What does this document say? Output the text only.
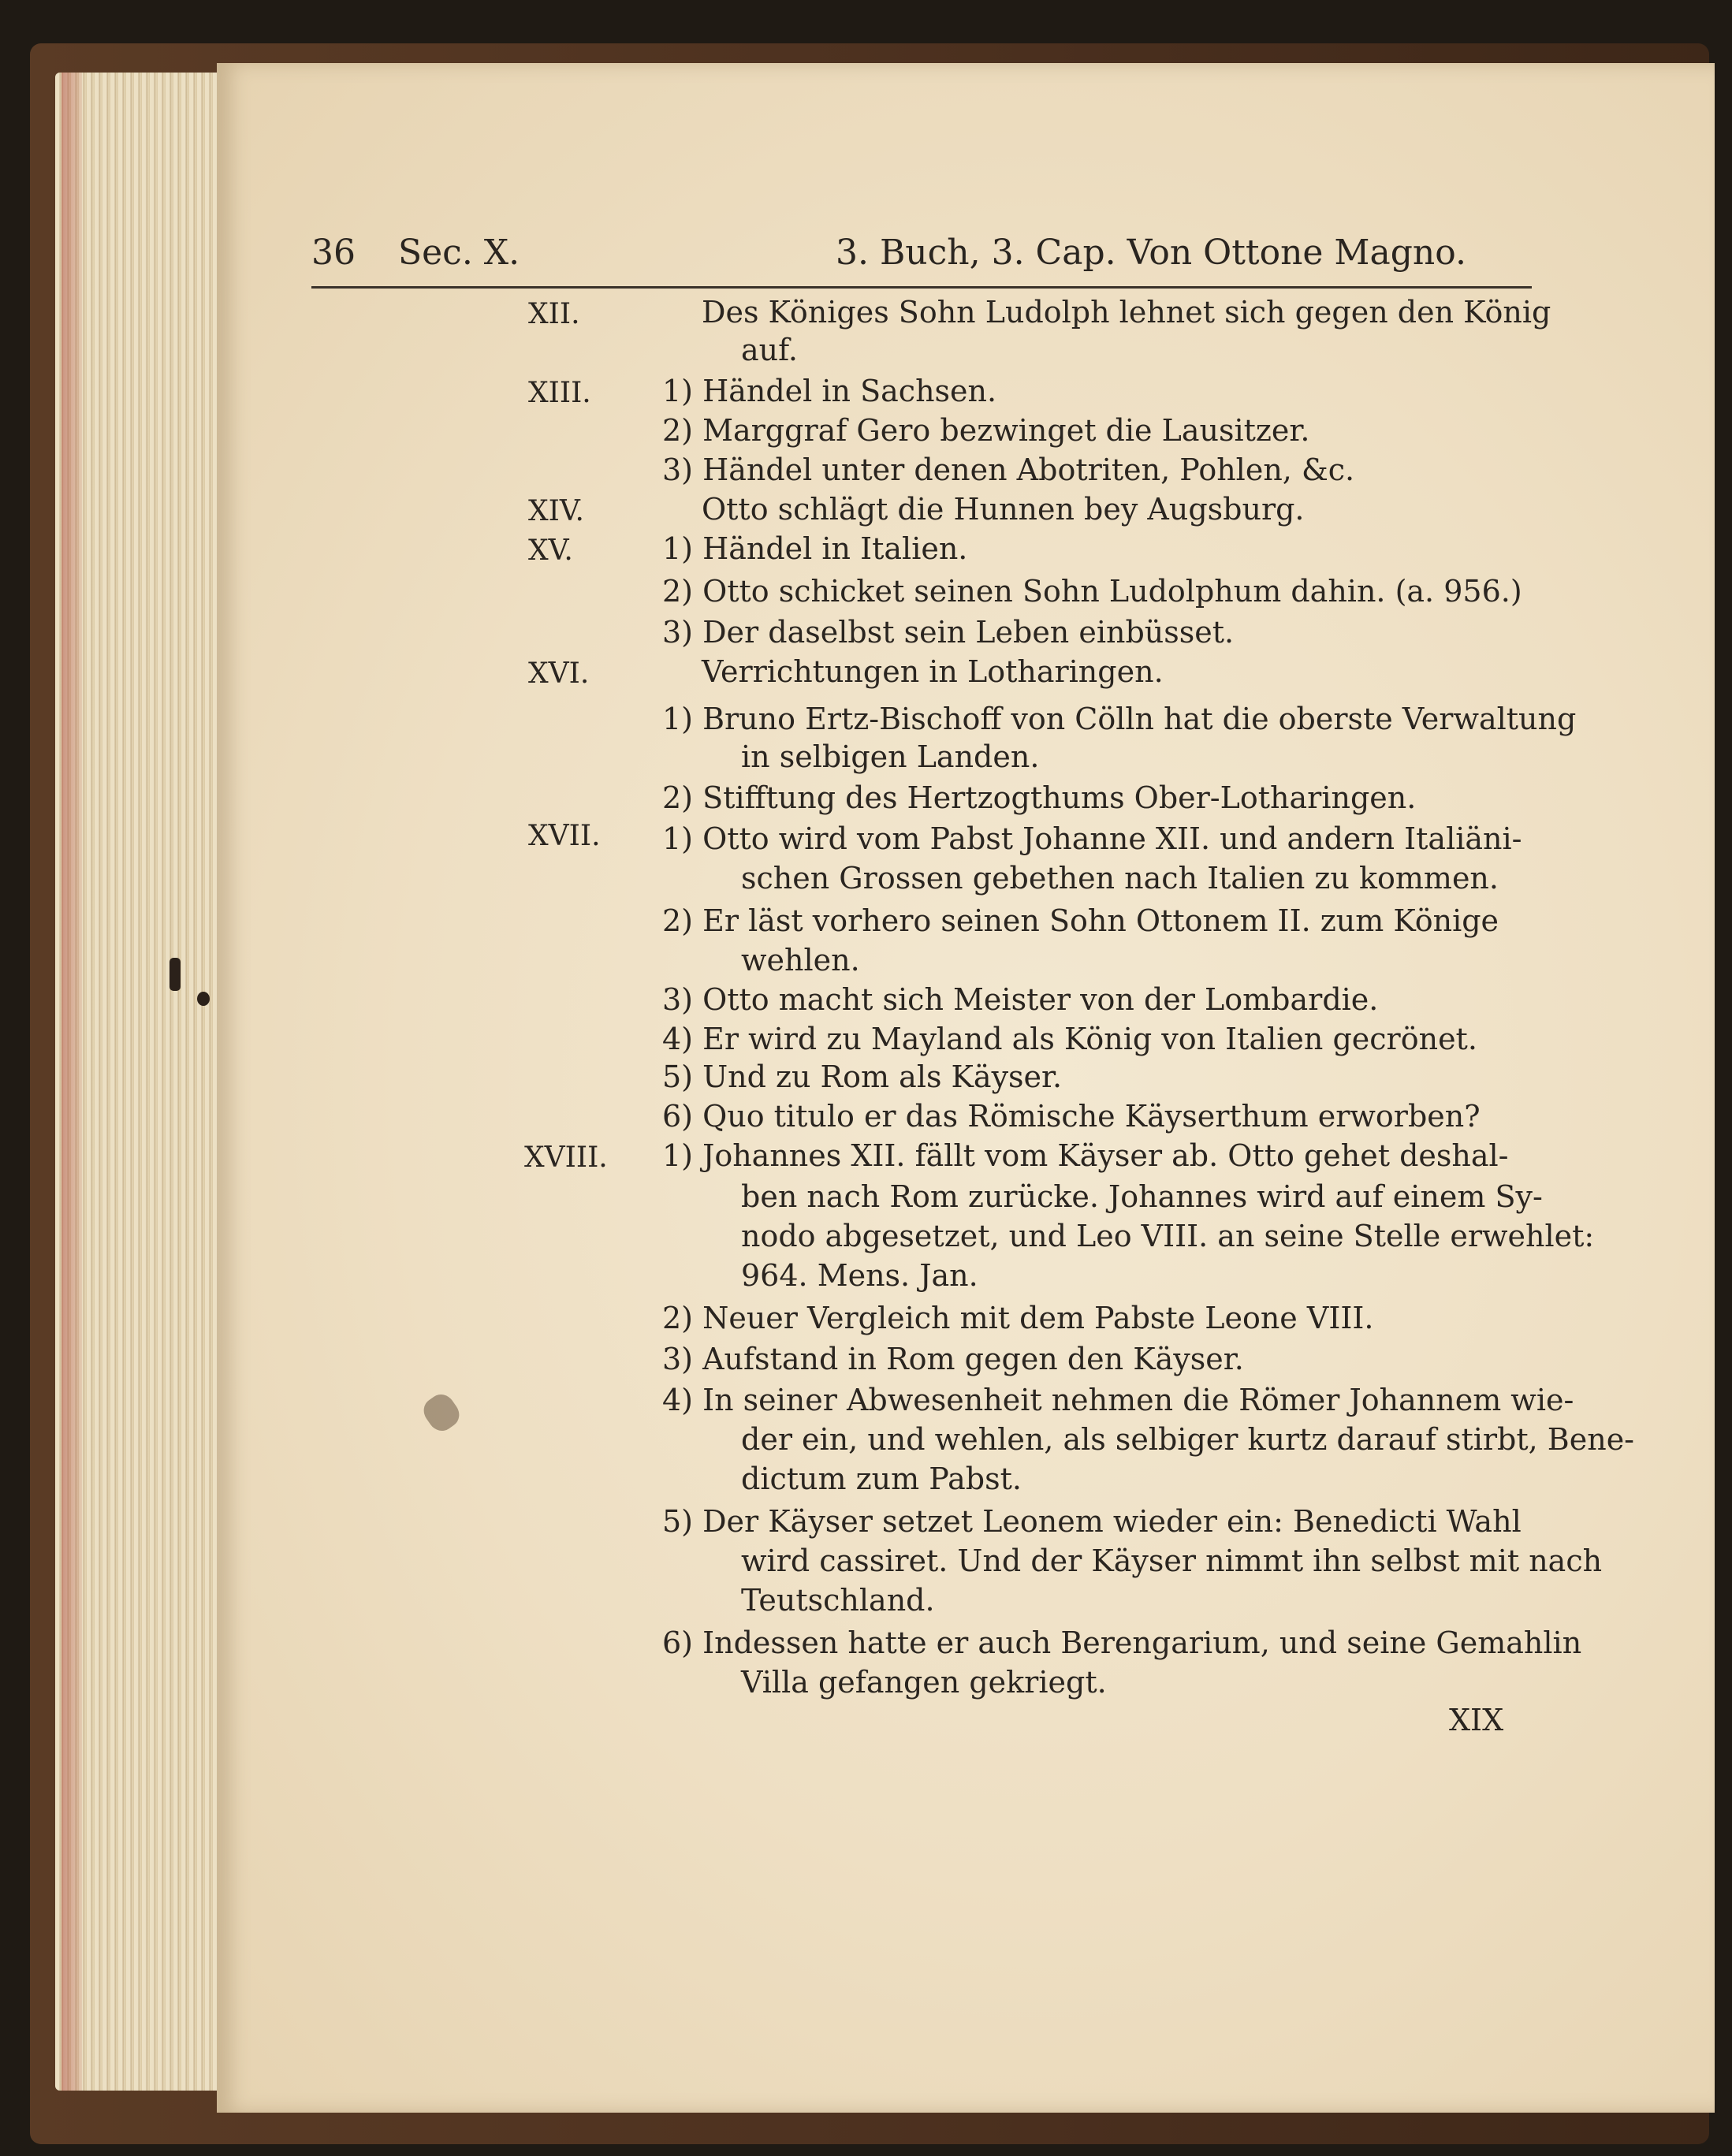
36 Sec. X.	3. Buch, 3. Cap. Von Ottone Magno.
XII.	Des Königes Sohn Ludolph lehnet sich gegen den König
auf.
XIII. 1) Händel in Sachsen.
2) Marggraf Gero bezwinget die Lausitzer.
3) Händel unter denen Abotriten, Pohlen, &c.
XIV.	Otto schlägt die Hunnen bey Augsburg.
XV.	1) Händel in Italien.
2) Otto schicket seinen Sohn Ludolphum dahin. (a. 956.)
3) Der daselbst sein Leben einbüsset.
XVI.	Verrichtungen in Lotharingen.
1) Bruno Ertz-Bischoff von Cölln hat die oberste Verwaltung
in selbigen Landen.
2) Stifftung des Hertzogthums Ober-Lotharingen.
XVII. 1) Otto wird vom Pabst Johanne XII. und andern Italiäni-
schen Grossen gebethen nach Italien zu kommen.
2) Er läst vorhero seinen Sohn Ottonem II. zum Könige
wehlen.
3) Otto macht sich Meister von der Lombardie.
4) Er wird zu Mayland als König von Italien gecrönet.
5) Und zu Rom als Käyser.
6) Quo titulo er das Römische Käyserthum erworben?
XVIII. 1) Johannes XII. fällt vom Käyser ab. Otto gehet deshal-
ben nach Rom zurücke. Johannes wird auf einem Sy-
nodo abgesetzet, und Leo VIII. an seine Stelle erwehlet:
964. Mens. Jan.
2) Neuer Vergleich mit dem Pabste Leone VIII.
3) Aufstand in Rom gegen den Käyser.
4) In seiner Abwesenheit nehmen die Römer Johannem wie-
der ein, und wehlen, als selbiger kurtz darauf stirbt, Bene-
dictum zum Pabst.
5) Der Käyser setzet Leonem wieder ein: Benedicti Wahl
wird cassiret. Und der Käyser nimmt ihn selbst mit nach
Teutschland.
6) Indessen hatte er auch Berengarium, und seine Gemahlin
Villa gefangen gekriegt.
XIX
